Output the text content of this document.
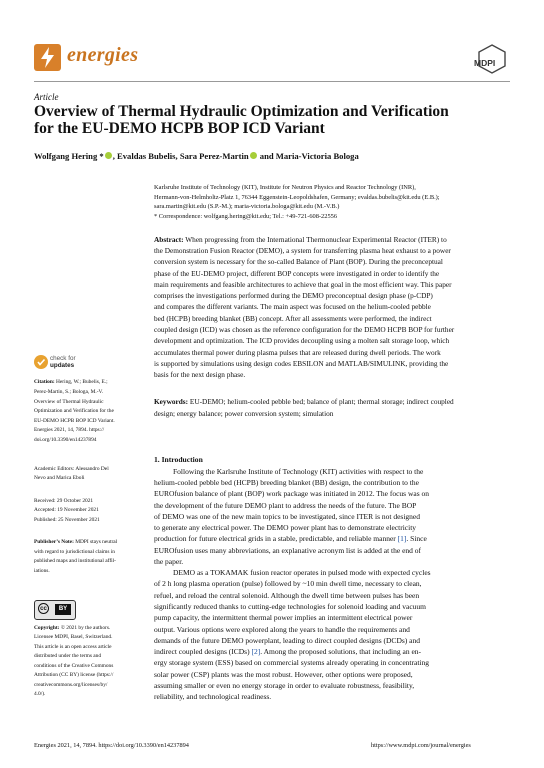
energies	MDPI
Article
Overview of Thermal Hydraulic Optimization and Verification
for the EU-DEMO HCPB BOP ICD Variant
Wolfgang Hering * , Evaldas Bubelis, Sara Perez-Martin and Maria-Victoria Bologa
Karlsruhe Institute of Technology (KIT), Institute for Neutron Physics and Reactor Technology (INR),
Hermann-von-Helmholtz-Platz 1, 76344 Eggenstein-Leopoldshafen, Germany; evaldas.bubelis@kit.edu (E.B.);
sara.martin@kit.edu (S.P.-M.); maria-victoria.bologa@kit.edu (M.-V.B.)
* Correspondence: wolfgang.hering@kit.edu; Tel.: +49-721-608-22556
Abstract: When progressing from the International Thermonuclear Experimental Reactor (ITER) to
the Demonstration Fusion Reactor (DEMO), a system for transferring plasma heat exhaust to a power
conversion system is necessary for the so-called Balance of Plant (BOP). During the preconceptual
phase of the EU-DEMO project, different BOP concepts were investigated in order to identify the
main requirements and feasible architectures to achieve that goal in the most efficient way. This paper
comprises the investigations performed during the DEMO preconceptual design phase (p-CDP)
and compares the different variants. The main aspect was focused on the helium-cooled pebble
bed (HCPB) breeding blanket (BB) concept. After all assessments were performed, the indirect
coupled design (ICD) was chosen as the reference configuration for the DEMO HCPB BOP for further
development and optimization. The ICD provides decoupling using a molten salt storage loop, which
accumulates thermal power during plasma pulses that are released during dwell periods. The work
is supported by simulations using design codes EBSILON and MATLAB/SIMULINK, providing the
basis for the next design phase.
Keywords: EU-DEMO; helium-cooled pebble bed; balance of plant; thermal storage; indirect coupled
design; energy balance; power conversion system; simulation
check for
updates
Citation: Hering, W.; Bubelis, E.;
Perez-Martin, S.; Bologa, M.-V.
Overview of Thermal Hydraulic
Optimization and Verification for the
EU-DEMO HCPB BOP ICD Variant.
Energies 2021, 14, 7894. https://
doi.org/10.3390/en14237894
Academic Editors: Alessandro Del
Nevo and Marica Eboli
Received: 29 October 2021
Accepted: 19 November 2021
Published: 25 November 2021
Publisher’s Note: MDPI stays neutral
with regard to jurisdictional claims in
published maps and institutional affil-
iations.
cc	BY
Copyright: © 2021 by the authors.
Licensee MDPI, Basel, Switzerland.
This article is an open access article
distributed under the terms and
conditions of the Creative Commons
Attribution (CC BY) license (https://
creativecommons.org/licenses/by/
4.0/).
1. Introduction
Following the Karlsruhe Institute of Technology (KIT) activities with respect to the
helium-cooled pebble bed (HCPB) breeding blanket (BB) design, the contribution to the
EUROfusion balance of plant (BOP) work package was initiated in 2012. The focus was on
the development of the future DEMO plant to address the needs of the future. The BOP
of DEMO was one of the new main topics to be investigated, since ITER is not designed
to generate any electrical power. The DEMO power plant has to demonstrate electricity
production for future electrical grids in a stable, predictable, and reliable manner [1]. Since
EUROfusion uses many abbreviations, an explanative acronym list is added at the end of
the paper.
DEMO as a TOKAMAK fusion reactor operates in pulsed mode with expected cycles
of 2 h long plasma operation (pulse) followed by ~10 min dwell time, necessary to clean,
refuel, and reload the central solenoid. Although the dwell time between pulses has been
significantly reduced thanks to cutting-edge technologies for solenoid loading and vacuum
pump capacity, the intermittent thermal power implies an intermittent electrical power
output. Various options were explored along the years to handle the requirements and
demands of the future DEMO powerplant, leading to direct coupled designs (DCDs) and
indirect coupled designs (ICDs) [2]. Among the proposed solutions, that including an en-
ergy storage system (ESS) based on commercial systems already operating in concentrating
solar power (CSP) plants was the most robust. However, other options were proposed,
assuming smaller or even no energy storage in order to evaluate robustness, feasibility,
reliability, and technological readiness.
Energies 2021, 14, 7894. https://doi.org/10.3390/en14237894	https://www.mdpi.com/journal/energies
